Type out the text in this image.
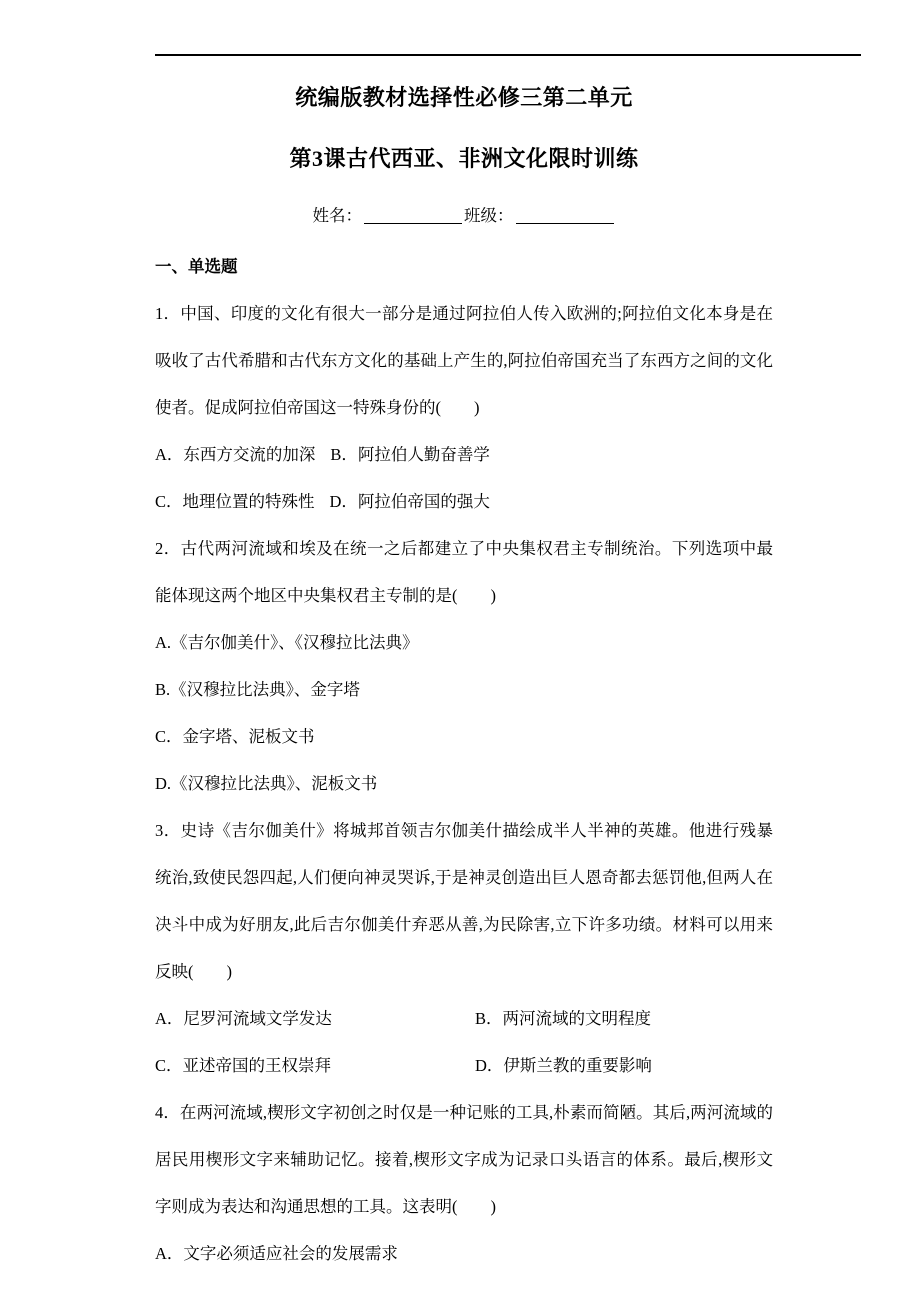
统编版教材选择性必修三第二单元
第3课古代西亚、非洲文化限时训练
姓名：	班级：

一、单选题

1．中国、印度的文化有很大一部分是通过阿拉伯人传入欧洲的;阿拉伯文化本身是在吸收了古代希腊和古代东方文化的基础上产生的,阿拉伯帝国充当了东西方之间的文化使者。促成阿拉伯帝国这一特殊身份的(　　)

A．东西方交流的加深 B．阿拉伯人勤奋善学

C．地理位置的特殊性 D．阿拉伯帝国的强大

2．古代两河流域和埃及在统一之后都建立了中央集权君主专制统治。下列选项中最能体现这两个地区中央集权君主专制的是(　　)

A.《吉尔伽美什》、《汉穆拉比法典》

B.《汉穆拉比法典》、金字塔

C．金字塔、泥板文书

D.《汉穆拉比法典》、泥板文书

3．史诗《吉尔伽美什》将城邦首领吉尔伽美什描绘成半人半神的英雄。他进行残暴统治,致使民怨四起,人们便向神灵哭诉,于是神灵创造出巨人恩奇都去惩罚他,但两人在决斗中成为好朋友,此后吉尔伽美什弃恶从善,为民除害,立下许多功绩。材料可以用来反映(　　)

A．尼罗河流域文学发达	B．两河流域的文明程度

C．亚述帝国的王权崇拜	D．伊斯兰教的重要影响

4．在两河流域,楔形文字初创之时仅是一种记账的工具,朴素而简陋。其后,两河流域的居民用楔形文字来辅助记忆。接着,楔形文字成为记录口头语言的体系。最后,楔形文字则成为表达和沟通思想的工具。这表明(　　)

A．文字必须适应社会的发展需求
